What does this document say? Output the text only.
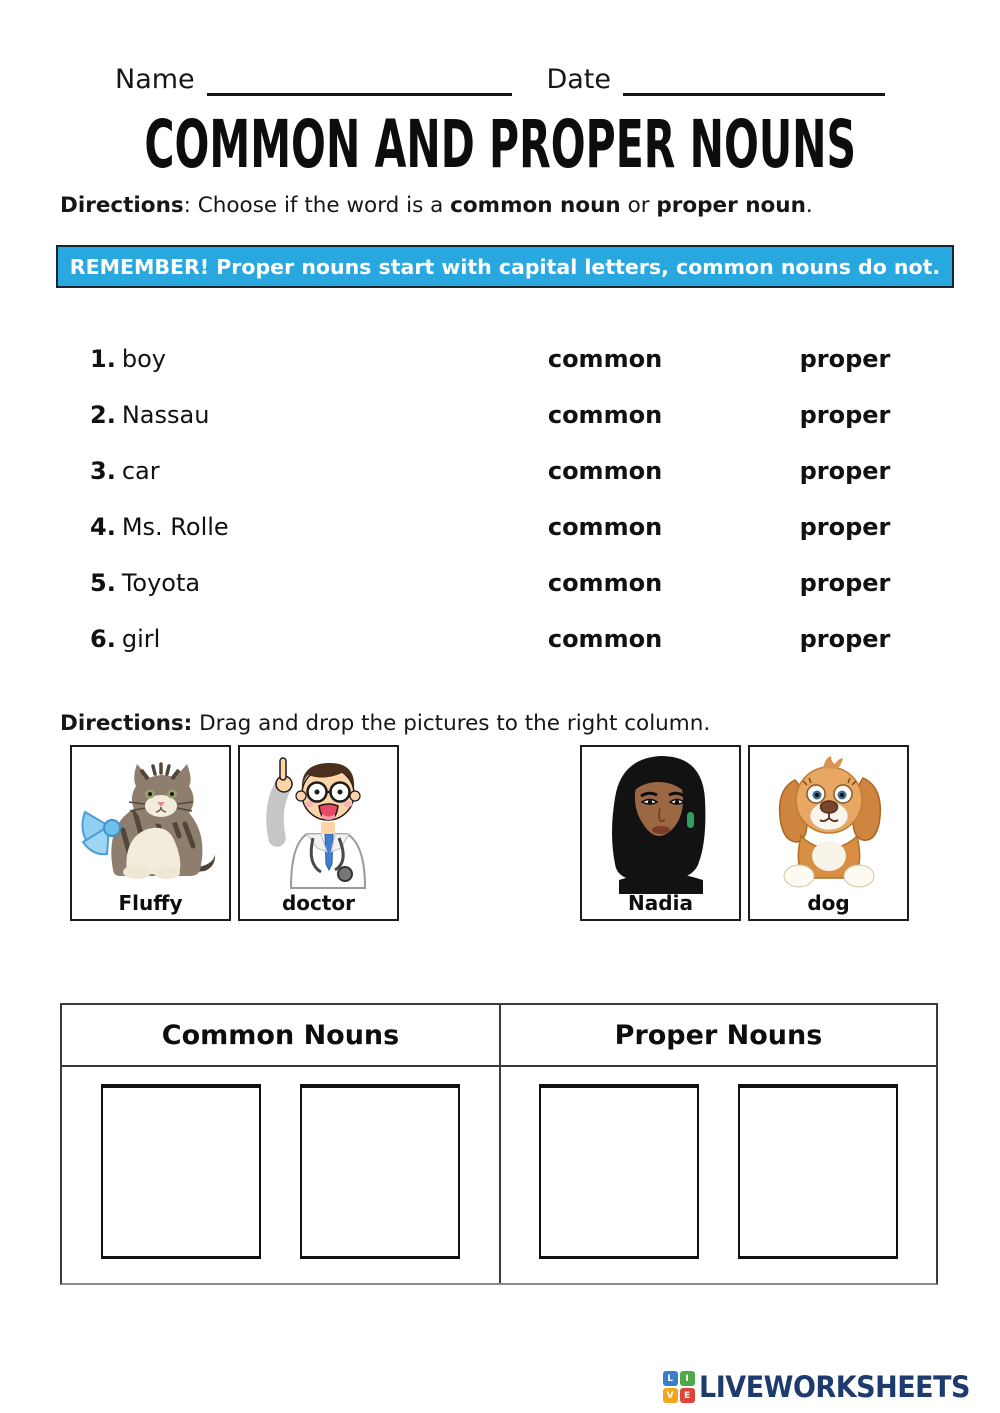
Name	Date
COMMON AND PROPER NOUNS

Directions: Choose if the word is a common noun or proper noun.

REMEMBER! Proper nouns start with capital letters, common nouns do not.
1. boy	common	proper
2. Nassau	common	proper
3. car	common	proper
4. Ms. Rolle	common	proper
5. Toyota	common	proper
6. girl	common	proper

Directions: Drag and drop the pictures to the right column.

Fluffy	doctor	Nadia	dog
Common Nouns	Proper Nouns
L	I
V	E LIVEWORKSHEETS
